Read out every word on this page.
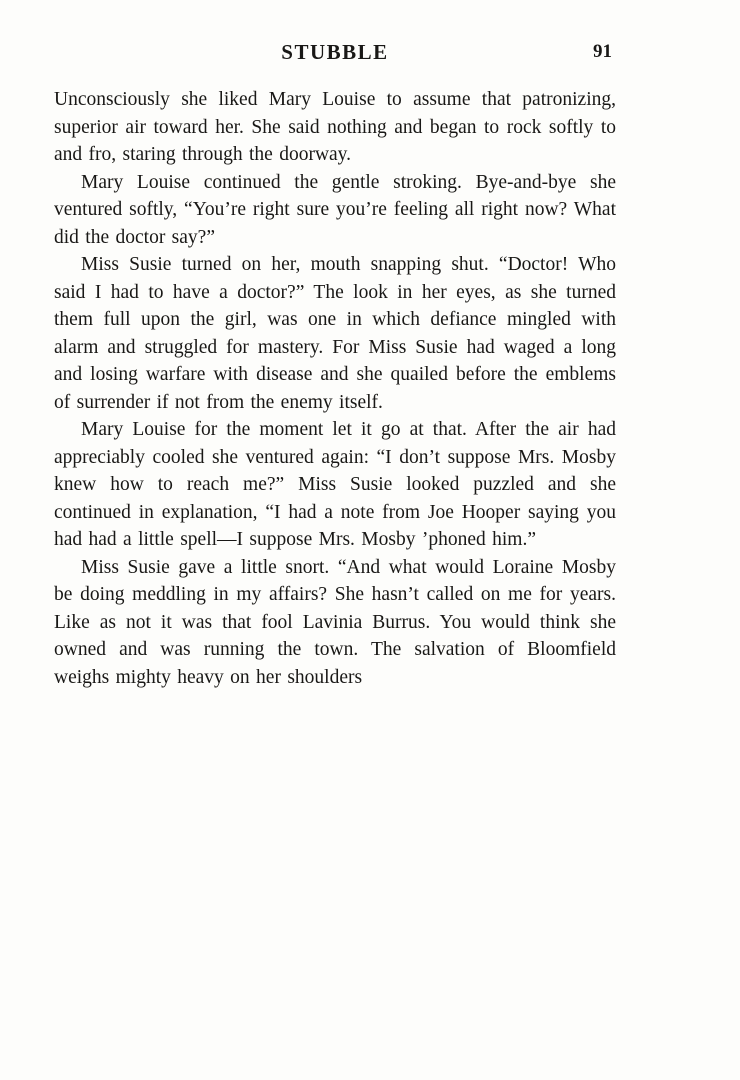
STUBBLE	91

Unconsciously she liked Mary Louise to assume that patronizing, superior air toward her. She said nothing and began to rock softly to and fro, staring through the doorway.

Mary Louise continued the gentle stroking. Bye-and-bye she ventured softly, “You’re right sure you’re feeling all right now? What did the doctor say?”

Miss Susie turned on her, mouth snapping shut. “Doctor! Who said I had to have a doctor?” The look in her eyes, as she turned them full upon the girl, was one in which defiance mingled with alarm and struggled for mastery. For Miss Susie had waged a long and losing warfare with disease and she quailed before the emblems of surrender if not from the enemy itself.

Mary Louise for the moment let it go at that. After the air had appreciably cooled she ventured again: “I don’t suppose Mrs. Mosby knew how to reach me?” Miss Susie looked puzzled and she continued in explanation, “I had a note from Joe Hooper saying you had had a little spell—I suppose Mrs. Mosby ’phoned him.”

Miss Susie gave a little snort. “And what would Loraine Mosby be doing meddling in my affairs? She hasn’t called on me for years. Like as not it was that fool Lavinia Burrus. You would think she owned and was running the town. The salvation of Bloomfield weighs mighty heavy on her shoulders
